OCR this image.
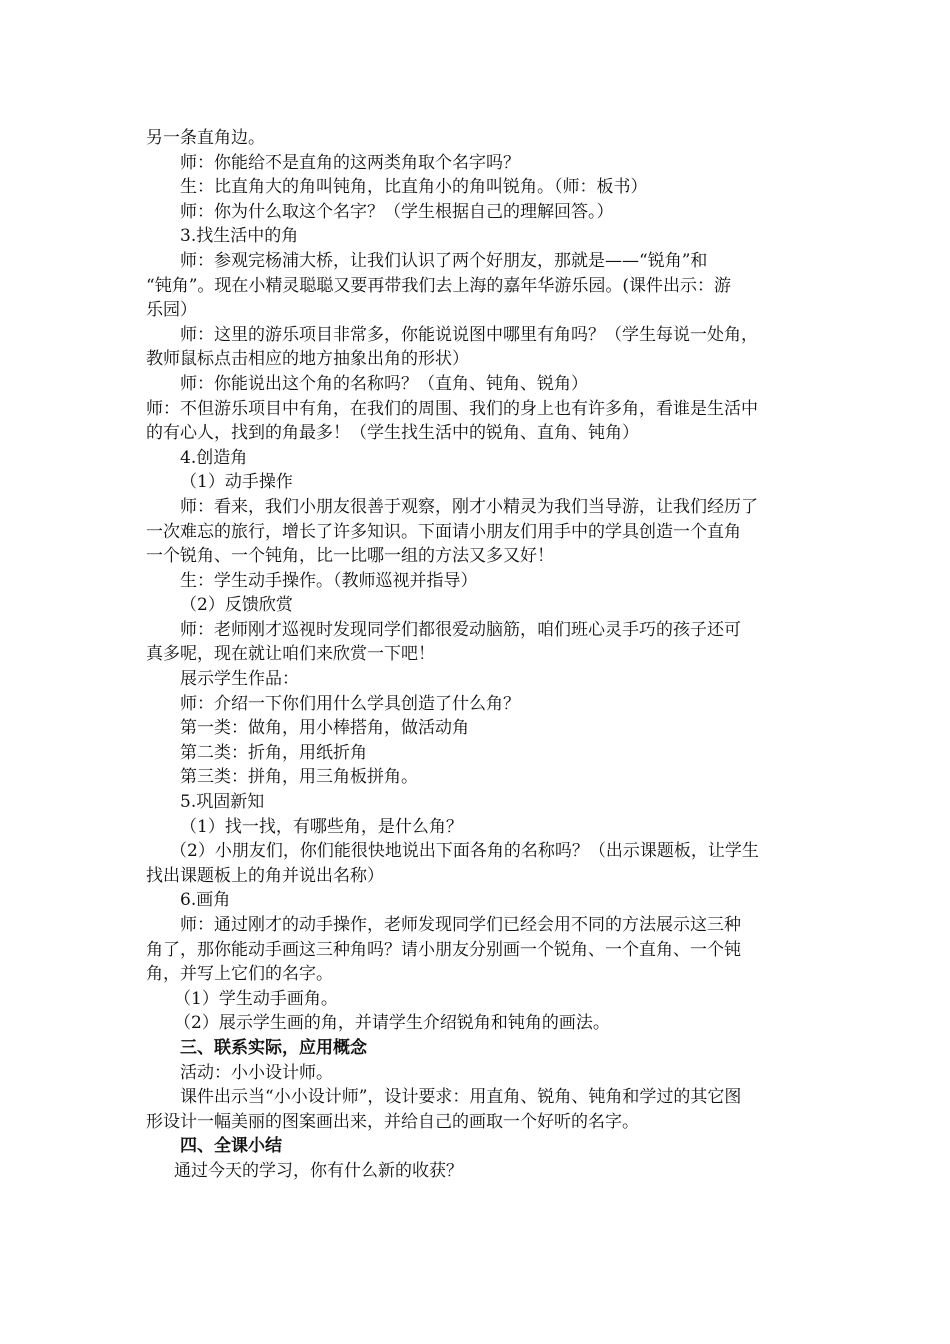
另一条直角边。
师：你能给不是直角的这两类角取个名字吗？
生：比直角大的角叫钝角，比直角小的角叫锐角。（师：板书）
师：你为什么取这个名字？（学生根据自己的理解回答。）
3.找生活中的角
师：参观完杨浦大桥，让我们认识了两个好朋友，那就是——“锐角”和
“钝角”。现在小精灵聪聪又要再带我们去上海的嘉年华游乐园。(课件出示：游
乐园）
师：这里的游乐项目非常多，你能说说图中哪里有角吗？（学生每说一处角，
教师鼠标点击相应的地方抽象出角的形状）
师：你能说出这个角的名称吗？（直角、钝角、锐角）
师：不但游乐项目中有角，在我们的周围、我们的身上也有许多角，看谁是生活中
的有心人，找到的角最多！（学生找生活中的锐角、直角、钝角）
4.创造角
（1）动手操作
师：看来，我们小朋友很善于观察，刚才小精灵为我们当导游，让我们经历了
一次难忘的旅行，增长了许多知识。下面请小朋友们用手中的学具创造一个直角
一个锐角、一个钝角，比一比哪一组的方法又多又好！
生：学生动手操作。（教师巡视并指导）
（2）反馈欣赏
师：老师刚才巡视时发现同学们都很爱动脑筋，咱们班心灵手巧的孩子还可
真多呢，现在就让咱们来欣赏一下吧！
展示学生作品：
师：介绍一下你们用什么学具创造了什么角？
第一类：做角，用小棒搭角，做活动角
第二类：折角，用纸折角
第三类：拼角，用三角板拼角。
5.巩固新知
（1）找一找，有哪些角，是什么角？
（2）小朋友们，你们能很快地说出下面各角的名称吗？（出示课题板，让学生
找出课题板上的角并说出名称）
6.画角
师：通过刚才的动手操作，老师发现同学们已经会用不同的方法展示这三种
角了，那你能动手画这三种角吗？请小朋友分别画一个锐角、一个直角、一个钝
角，并写上它们的名字。
（1）学生动手画角。
（2）展示学生画的角，并请学生介绍锐角和钝角的画法。
三、联系实际，应用概念
活动：小小设计师。
课件出示当“小小设计师”，设计要求：用直角、锐角、钝角和学过的其它图
形设计一幅美丽的图案画出来，并给自己的画取一个好听的名字。
四、全课小结
通过今天的学习，你有什么新的收获？
